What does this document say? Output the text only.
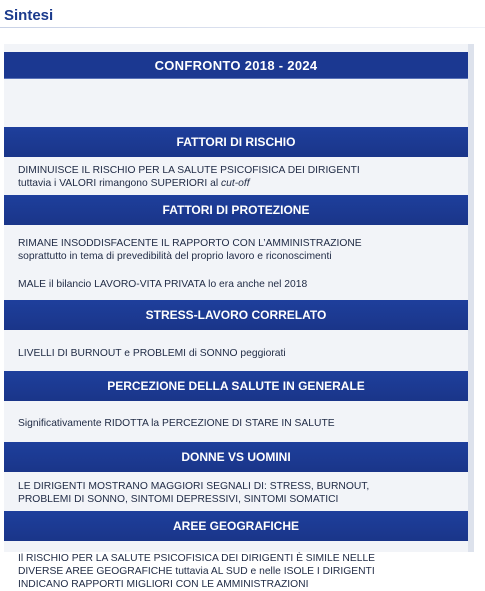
Sintesi
CONFRONTO 2018 - 2024
FATTORI DI RISCHIO
DIMINUISCE IL RISCHIO PER LA SALUTE PSICOFISICA DEI DIRIGENTI
tuttavia i VALORI rimangono SUPERIORI al cut-off
FATTORI DI PROTEZIONE
RIMANE INSODDISFACENTE IL RAPPORTO CON L’AMMINISTRAZIONE
soprattutto in tema di prevedibilità del proprio lavoro e riconoscimenti
MALE il bilancio LAVORO-VITA PRIVATA lo era anche nel 2018
STRESS-LAVORO CORRELATO
LIVELLI DI BURNOUT e PROBLEMI di SONNO peggiorati
PERCEZIONE DELLA SALUTE IN GENERALE
Significativamente RIDOTTA la PERCEZIONE DI STARE IN SALUTE
DONNE VS UOMINI
LE DIRIGENTI MOSTRANO MAGGIORI SEGNALI DI: STRESS, BURNOUT,
PROBLEMI DI SONNO, SINTOMI DEPRESSIVI, SINTOMI SOMATICI
AREE GEOGRAFICHE
Il RISCHIO PER LA SALUTE PSICOFISICA DEI DIRIGENTI È SIMILE NELLE
DIVERSE AREE GEOGRAFICHE tuttavia AL SUD e nelle ISOLE I DIRIGENTI
INDICANO RAPPORTI MIGLIORI CON LE AMMINISTRAZIONI
